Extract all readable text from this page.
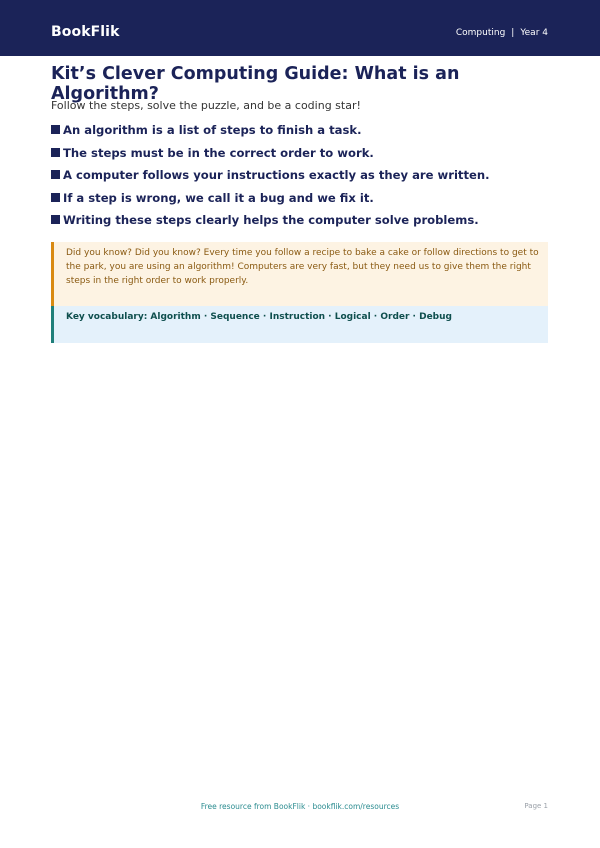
BookFlik	Computing | Year 4
Kit’s Clever Computing Guide: What is an Algorithm?
Follow the steps, solve the puzzle, and be a coding star!
An algorithm is a list of steps to finish a task.
The steps must be in the correct order to work.
A computer follows your instructions exactly as they are written.
If a step is wrong, we call it a bug and we fix it.
Writing these steps clearly helps the computer solve problems.

Did you know? Did you know? Every time you follow a recipe to bake a cake or follow directions to get to the park, you are using an algorithm! Computers are very fast, but they need us to give them the right steps in the right order to work properly.

Key vocabulary: Algorithm · Sequence · Instruction · Logical · Order · Debug

Free resource from BookFlik · bookflik.com/resources	Page 1
